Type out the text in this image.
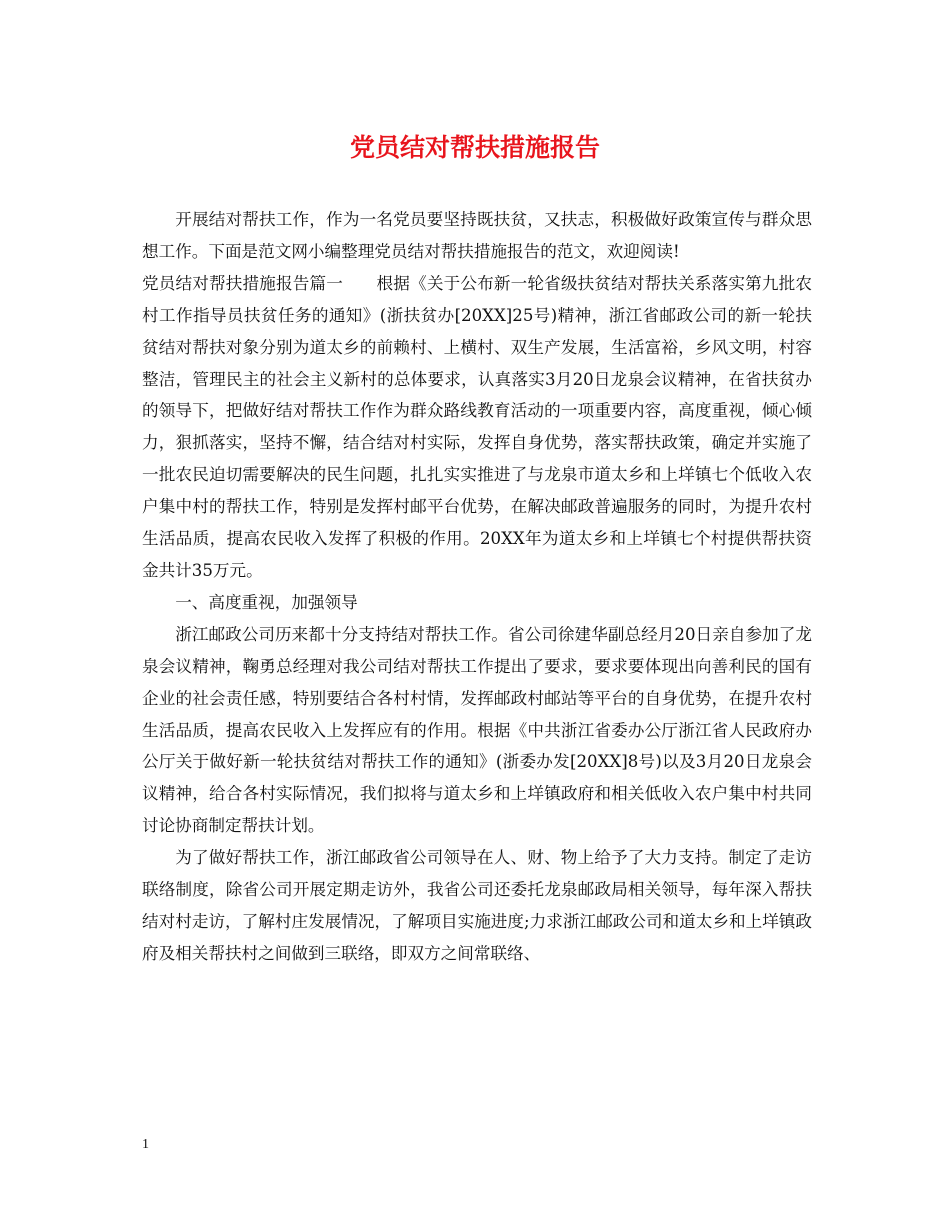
党员结对帮扶措施报告

开展结对帮扶工作，作为一名党员要坚持既扶贫，又扶志，积极做好政策宣传与群众思想工作。下面是范文网小编整理党员结对帮扶措施报告的范文，欢迎阅读!

党员结对帮扶措施报告篇一　　根据《关于公布新一轮省级扶贫结对帮扶关系落实第九批农村工作指导员扶贫任务的通知》(浙扶贫办[20XX]25号)精神，浙江省邮政公司的新一轮扶贫结对帮扶对象分别为道太乡的前赖村、上横村、双生产发展，生活富裕，乡风文明，村容整洁，管理民主的社会主义新村的总体要求，认真落实3月20日龙泉会议精神，在省扶贫办的领导下，把做好结对帮扶工作作为群众路线教育活动的一项重要内容，高度重视，倾心倾力，狠抓落实，坚持不懈，结合结对村实际，发挥自身优势，落实帮扶政策，确定并实施了一批农民迫切需要解决的民生问题，扎扎实实推进了与龙泉市道太乡和上垟镇七个低收入农户集中村的帮扶工作，特别是发挥村邮平台优势，在解决邮政普遍服务的同时，为提升农村生活品质，提高农民收入发挥了积极的作用。20XX年为道太乡和上垟镇七个村提供帮扶资金共计35万元。

一、高度重视，加强领导

浙江邮政公司历来都十分支持结对帮扶工作。省公司徐建华副总经月20日亲自参加了龙泉会议精神，鞠勇总经理对我公司结对帮扶工作提出了要求，要求要体现出向善利民的国有企业的社会责任感，特别要结合各村村情，发挥邮政村邮站等平台的自身优势，在提升农村生活品质，提高农民收入上发挥应有的作用。根据《中共浙江省委办公厅浙江省人民政府办公厅关于做好新一轮扶贫结对帮扶工作的通知》(浙委办发[20XX]8号)以及3月20日龙泉会议精神，给合各村实际情况，我们拟将与道太乡和上垟镇政府和相关低收入农户集中村共同讨论协商制定帮扶计划。

为了做好帮扶工作，浙江邮政省公司领导在人、财、物上给予了大力支持。制定了走访联络制度，除省公司开展定期走访外，我省公司还委托龙泉邮政局相关领导，每年深入帮扶结对村走访，了解村庄发展情况，了解项目实施进度;力求浙江邮政公司和道太乡和上垟镇政府及相关帮扶村之间做到三联络，即双方之间常联络、

1
